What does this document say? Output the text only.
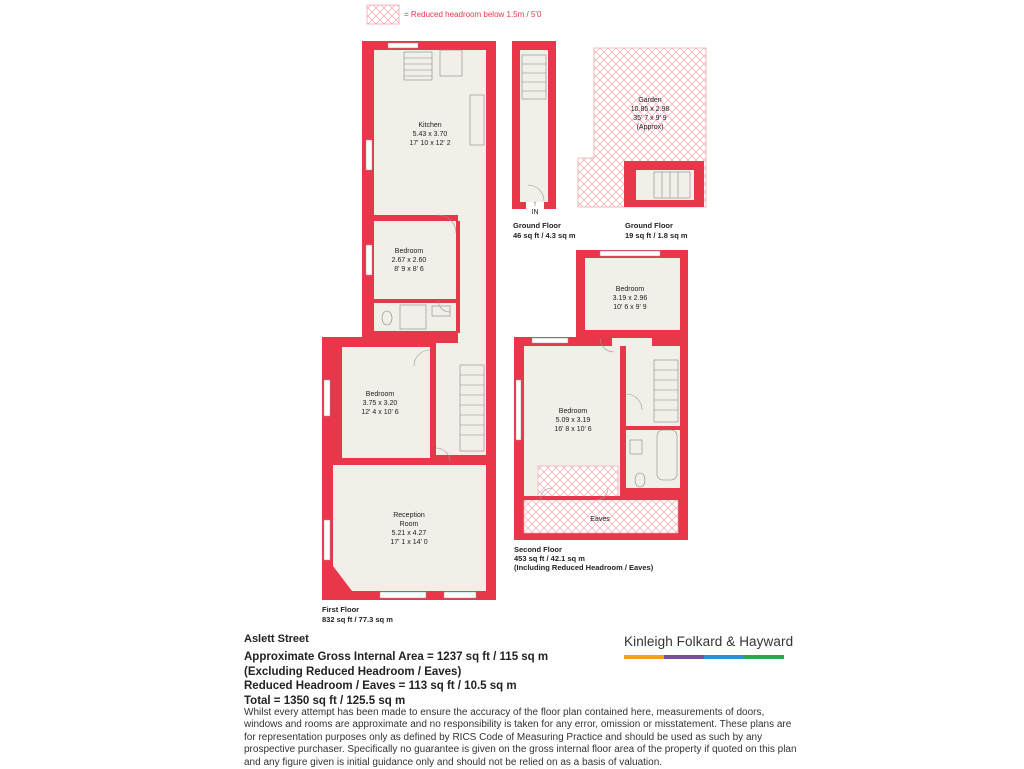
= Reduced headroom below 1.5m / 5'0
Kitchen
5.43 x 3.70
17' 10 x 12' 2
Bedroom
2.67 x 2.60
8' 9 x 8' 6
Bedroom
3.75 x 3.20
12' 4 x 10' 6
Reception
Room
5.21 x 4.27
17' 1 x 14' 0
First Floor
832 sq ft / 77.3 sq m
↑
IN
Ground Floor
46 sq ft / 4.3 sq m
Garden
10.85 x 2.98
35' 7 x 9' 9
(Approx)
Ground Floor
19 sq ft / 1.8 sq m
Bedroom
3.19 x 2.96
10' 6 x 9' 9
Bedroom
5.09 x 3.19
16' 8 x 10' 6
Eaves
Second Floor
453 sq ft / 42.1 sq m
(Including Reduced Headroom / Eaves)
Aslett Street
Approximate Gross Internal Area = 1237 sq ft / 115 sq m
(Excluding Reduced Headroom / Eaves)
Reduced Headroom / Eaves = 113 sq ft / 10.5 sq m
Total = 1350 sq ft / 125.5 sq m
Whilst every attempt has been made to ensure the accuracy of the floor plan contained here, measurements of doors, windows and rooms are approximate and no responsibility is taken for any error, omission or misstatement. These plans are for representation purposes only as defined by RICS Code of Measuring Practice and should be used as such by any prospective purchaser. Specifically no guarantee is given on the gross internal floor area of the property if quoted on this plan and any figure given is initial guidance only and should not be relied on as a basis of valuation.
Kinleigh Folkard & Hayward
